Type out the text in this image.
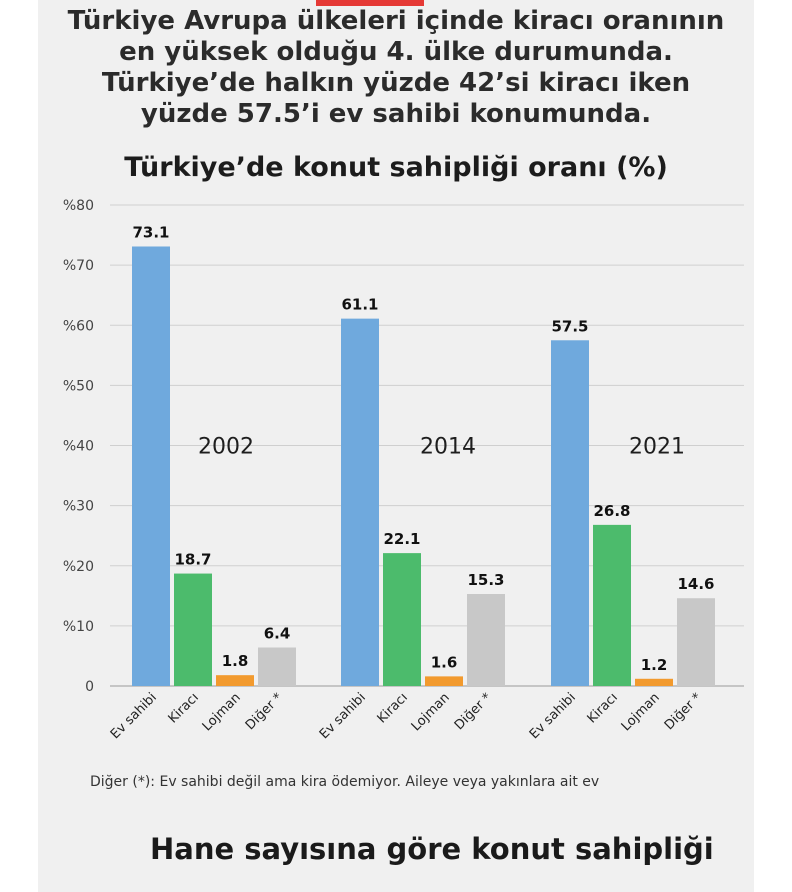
Türkiye Avrupa ülkeleri içinde kiracı oranının en yüksek olduğu 4. ülke durumunda. Türkiye’de halkın yüzde 42’si kiracı iken yüzde 57.5’i ev sahibi konumunda.
Türkiye’de konut sahipliği oranı (%)
0
%10
%20
%30
%40
%50
%60
%70
%80
2002
73.1
Ev sahibi
18.7
Kiracı
1.8
Lojman
6.4
Diğer *
2014
61.1
Ev sahibi
22.1
Kiracı
1.6
Lojman
15.3
Diğer *
2021
57.5
Ev sahibi
26.8
Kiracı
1.2
Lojman
14.6
Diğer *
Diğer (*): Ev sahibi değil ama kira ödemiyor. Aileye veya yakınlara ait ev
Hane sayısına göre konut sahipliği
